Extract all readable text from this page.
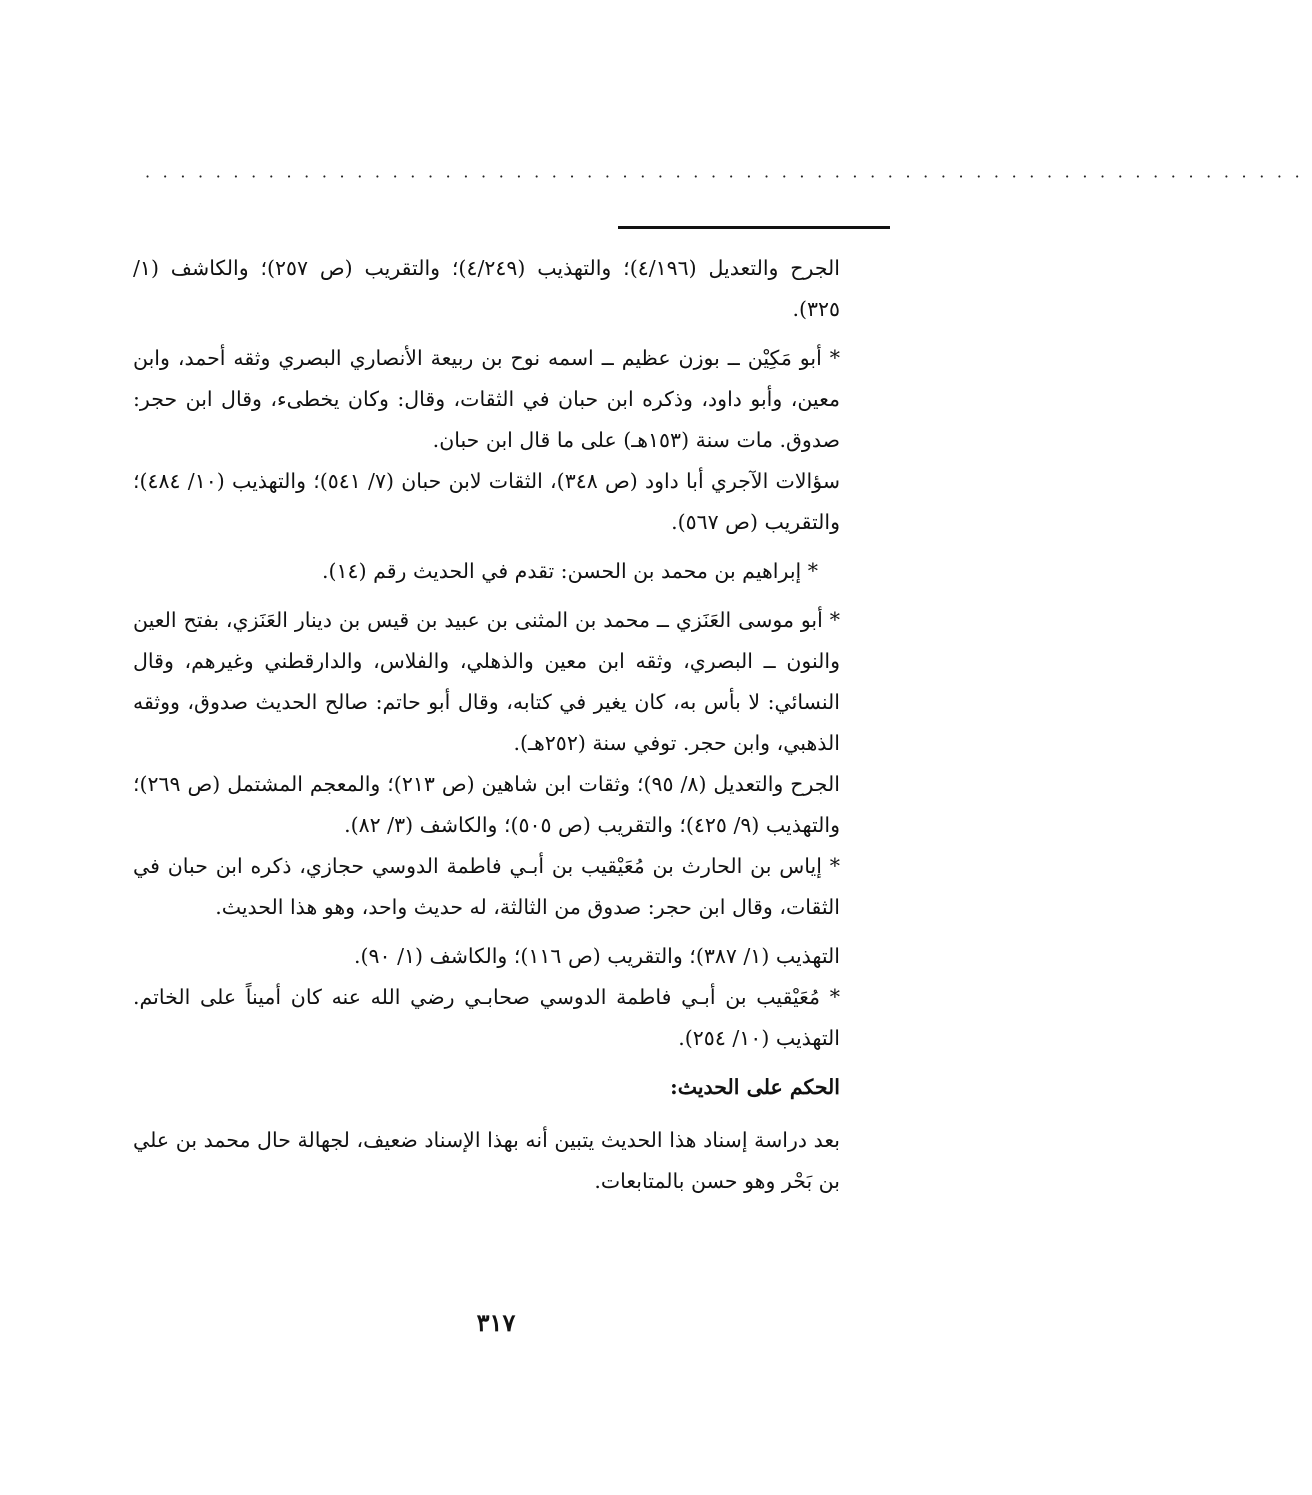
··································································

الجرح والتعديل (٤/١٩٦)؛ والتهذيب (٤/٢٤٩)؛ والتقريب (ص ٢٥٧)؛ والكاشف (١/ ٣٢٥).

* أبو مَكِيْن ــ بوزن عظيم ــ اسمه نوح بن ربيعة الأنصاري البصري وثقه أحمد، وابن معين، وأبو داود، وذكره ابن حبان في الثقات، وقال: وكان يخطىء، وقال ابن حجر: صدوق. مات سنة (١٥٣هـ) على ما قال ابن حبان.

سؤالات الآجري أبا داود (ص ٣٤٨)، الثقات لابن حبان (٧/ ٥٤١)؛ والتهذيب (١٠/ ٤٨٤)؛ والتقريب (ص ٥٦٧).

* إبراهيم بن محمد بن الحسن: تقدم في الحديث رقم (١٤).

* أبو موسى العَنَزي ــ محمد بن المثنى بن عبيد بن قيس بن دينار العَنَزي، بفتح العين والنون ــ البصري، وثقه ابن معين والذهلي، والفلاس، والدارقطني وغيرهم، وقال النسائي: لا بأس به، كان يغير في كتابه، وقال أبو حاتم: صالح الحديث صدوق، ووثقه الذهبي، وابن حجر. توفي سنة (٢٥٢هـ).

الجرح والتعديل (٨/ ٩٥)؛ وثقات ابن شاهين (ص ٢١٣)؛ والمعجم المشتمل (ص ٢٦٩)؛ والتهذيب (٩/ ٤٢٥)؛ والتقريب (ص ٥٠٥)؛ والكاشف (٣/ ٨٢).

* إياس بن الحارث بن مُعَيْقيب بن أبـي فاطمة الدوسي حجازي، ذكره ابن حبان في الثقات، وقال ابن حجر: صدوق من الثالثة، له حديث واحد، وهو هذا الحديث.

التهذيب (١/ ٣٨٧)؛ والتقريب (ص ١١٦)؛ والكاشف (١/ ٩٠).

* مُعَيْقيب بن أبـي فاطمة الدوسي صحابـي رضي الله عنه كان أميناً على الخاتم. التهذيب (١٠/ ٢٥٤).

الحكم على الحديث:

بعد دراسة إسناد هذا الحديث يتبين أنه بهذا الإسناد ضعيف، لجهالة حال محمد بن علي بن بَحْر وهو حسن بالمتابعات.

٣١٧
